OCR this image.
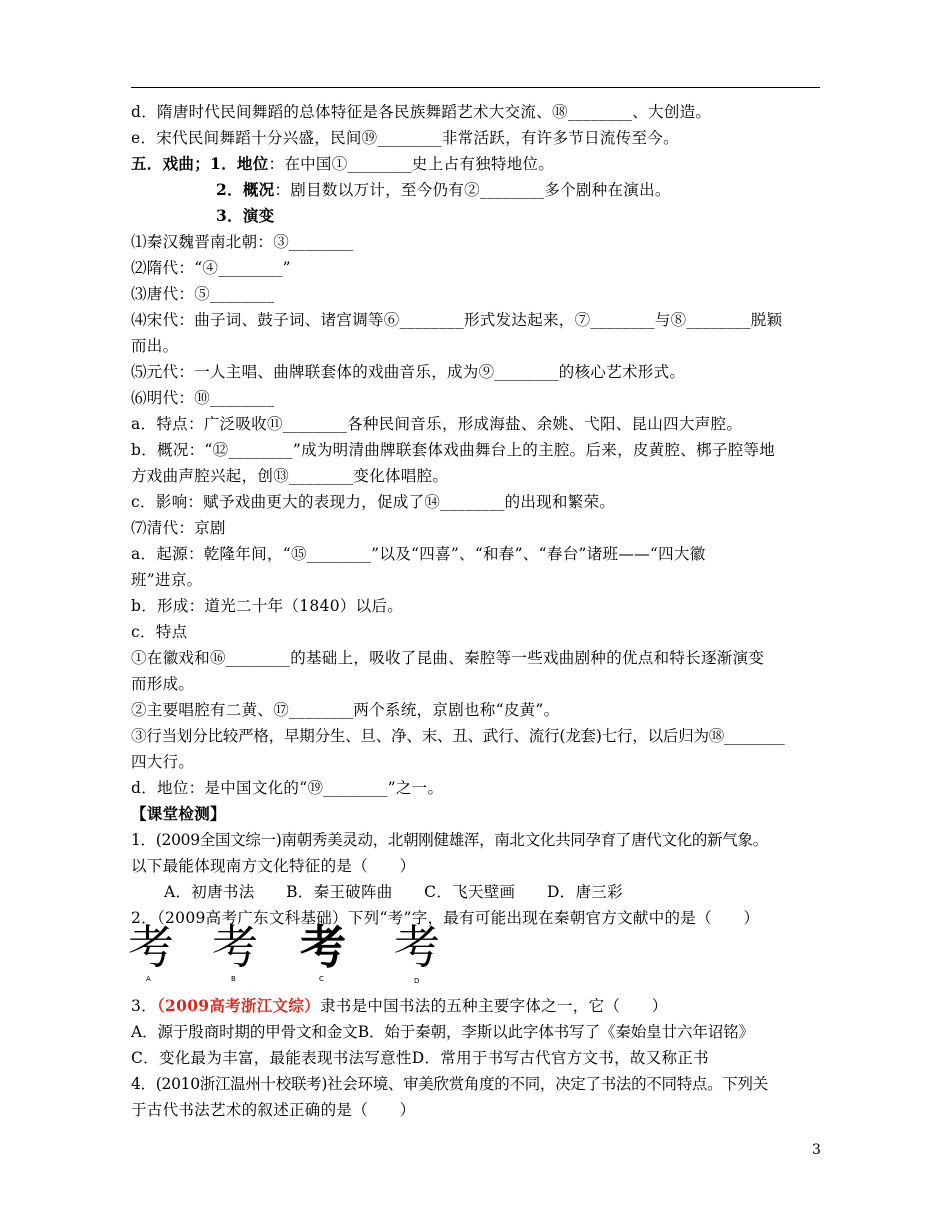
d．隋唐时代民间舞蹈的总体特征是各民族舞蹈艺术大交流、⑱________、大创造。
e．宋代民间舞蹈十分兴盛，民间⑲________非常活跃，有许多节日流传至今。
五．戏曲；1．地位：在中国①________史上占有独特地位。
2．概况：剧目数以万计，至今仍有②________多个剧种在演出。
3．演变
⑴秦汉魏晋南北朝：③________
⑵隋代：“④________”
⑶唐代：⑤________
⑷宋代：曲子词、鼓子词、诸宫调等⑥________形式发达起来，⑦________与⑧________脱颖
而出。
⑸元代：一人主唱、曲牌联套体的戏曲音乐，成为⑨________的核心艺术形式。
⑹明代：⑩________
a．特点：广泛吸收⑪________各种民间音乐，形成海盐、余姚、弋阳、昆山四大声腔。
b．概况：“⑫________”成为明清曲牌联套体戏曲舞台上的主腔。后来，皮黄腔、梆子腔等地
方戏曲声腔兴起，创⑬________变化体唱腔。
c．影响：赋予戏曲更大的表现力，促成了⑭________的出现和繁荣。
⑺清代：京剧
a．起源：乾隆年间，“⑮________”以及“四喜”、“和春”、“春台”诸班——“四大徽
班”进京。
b．形成：道光二十年（1840）以后。
c．特点
①在徽戏和⑯________的基础上，吸收了昆曲、秦腔等一些戏曲剧种的优点和特长逐渐演变
而形成。
②主要唱腔有二黄、⑰________两个系统，京剧也称“皮黄”。
③行当划分比较严格，早期分生、旦、净、末、丑、武行、流行(龙套)七行，以后归为⑱________
四大行。
d．地位：是中国文化的“⑲________”之一。
【课堂检测】
1．(2009全国文综一)南朝秀美灵动，北朝刚健雄浑，南北文化共同孕育了唐代文化的新气象。
以下最能体现南方文化特征的是（　　）
A．初唐书法　　B．秦王破阵曲　　C．飞天壁画　　D．唐三彩
2．（2009高考广东文科基础）下列“考”字，最有可能出现在秦朝官方文献中的是（　　）
考
A
考
B
考
C
考
D
3．（2009高考浙江文综）隶书是中国书法的五种主要字体之一，它（　　）
A．源于殷商时期的甲骨文和金文B．始于秦朝，李斯以此字体书写了《秦始皇廿六年诏铭》
C．变化最为丰富，最能表现书法写意性D．常用于书写古代官方文书，故又称正书
4．(2010浙江温州十校联考)社会环境、审美欣赏角度的不同，决定了书法的不同特点。下列关
于古代书法艺术的叙述正确的是（　　）
3
